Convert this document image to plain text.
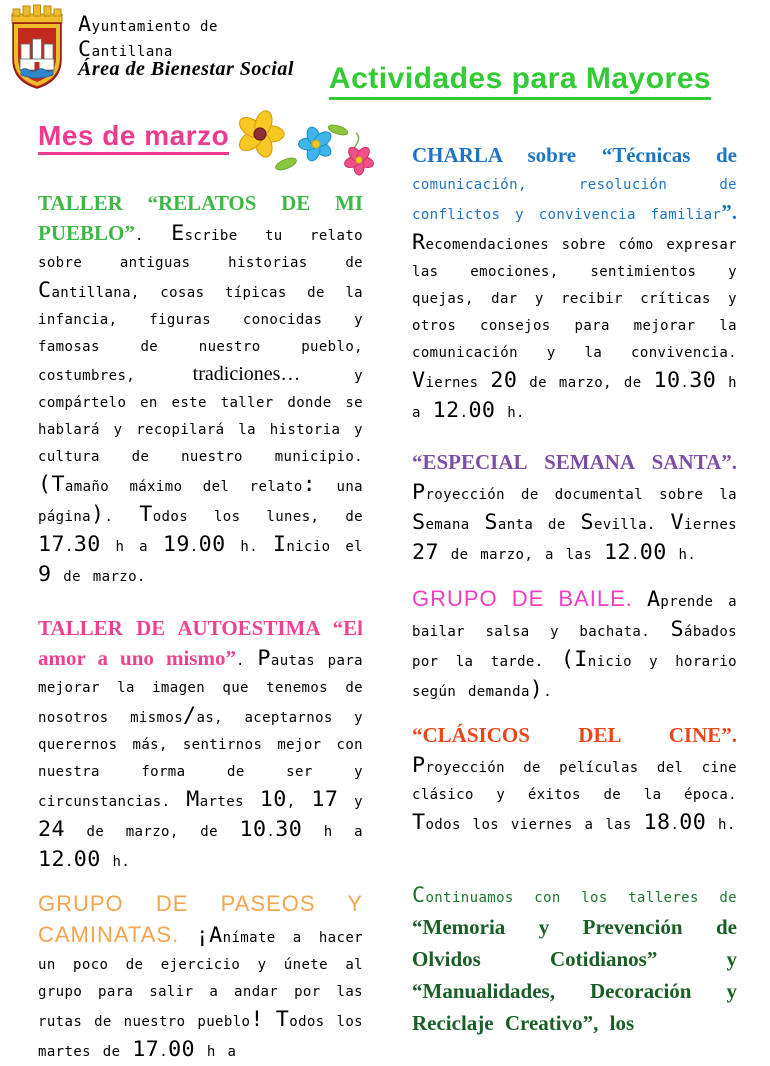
Ayuntamiento de
Cantillana
Área de Bienestar Social	Actividades para Mayores
Mes de marzo

TALLER “RELATOS DE MI PUEBLO”. Escribe tu relato sobre antiguas historias de Cantillana, cosas típicas de la infancia, figuras conocidas y famosas de nuestro pueblo, costumbres, tradiciones… y compártelo en este taller donde se hablará y recopilará la historia y cultura de nuestro municipio. (Tamaño máximo del relato: una página). Todos los lunes, de 17.30 h a 19.00 h. Inicio el 9 de marzo.

TALLER DE AUTOESTIMA “El amor a uno mismo”. Pautas para mejorar la imagen que tenemos de nosotros mismos/as, aceptarnos y querernos más, sentirnos mejor con nuestra forma de ser y circunstancias. Martes 10, 17 y 24 de marzo, de 10.30 h a 12.00 h.

GRUPO DE PASEOS Y CAMINATAS. ¡Anímate a hacer un poco de ejercicio y únete al grupo para salir a andar por las rutas de nuestro pueblo! Todos los martes de 17.00 h a

CHARLA sobre “Técnicas de comunicación, resolución de conflictos y convivencia familiar”. Recomendaciones sobre cómo expresar las emociones, sentimientos y quejas, dar y recibir críticas y otros consejos para mejorar la comunicación y la convivencia. Viernes 20 de marzo, de 10.30 h a 12.00 h.

“ESPECIAL SEMANA SANTA”. Proyección de documental sobre la Semana Santa de Sevilla. Viernes 27 de marzo, a las 12.00 h.

GRUPO DE BAILE. Aprende a bailar salsa y bachata. Sábados por la tarde. (Inicio y horario según demanda).

“CLÁSICOS DEL CINE”. Proyección de películas del cine clásico y éxitos de la época. Todos los viernes a las 18.00 h.

Continuamos con los talleres de “Memoria y Prevención de Olvidos Cotidianos” y “Manualidades, Decoración y Reciclaje Creativo”, los
